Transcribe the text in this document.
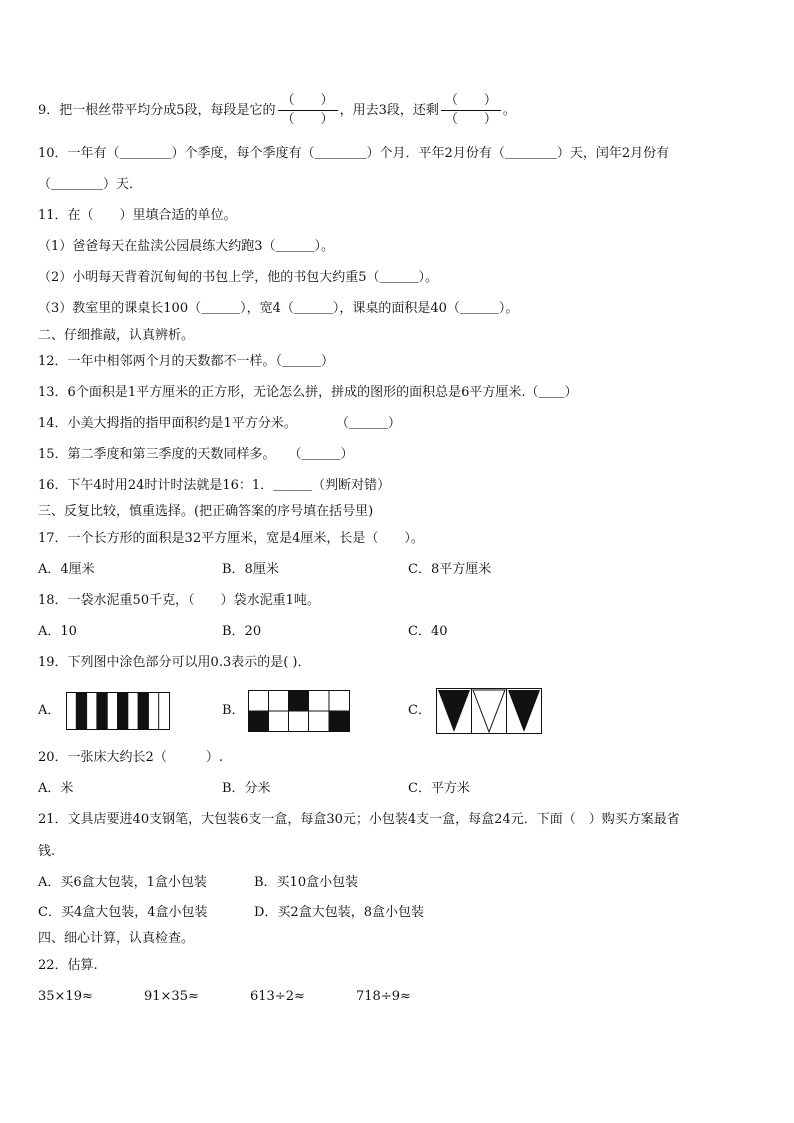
9．把一根丝带平均分成5段，每段是它的 $\frac{( )}{( )}$ ，用去3段，还剩 $\frac{( )}{( )}$ 。
10．一年有（＿＿＿＿）个季度，每个季度有（＿＿＿＿）个月．平年2月份有（＿＿＿＿）天，闰年2月份有
（＿＿＿＿）天．
11．在（　　）里填合适的单位。
（1）爸爸每天在盐渎公园晨练大约跑3（＿＿＿）。
（2）小明每天背着沉甸甸的书包上学，他的书包大约重5（＿＿＿）。
（3）教室里的课桌长100（＿＿＿），宽4（＿＿＿），课桌的面积是40（＿＿＿）。
二、仔细推敲，认真辨析。
12．一年中相邻两个月的天数都不一样。（＿＿＿）
13．6个面积是1平方厘米的正方形，无论怎么拼，拼成的图形的面积总是6平方厘米.（＿＿）
14．小美大拇指的指甲面积约是1平方分米。　　　　（＿＿＿）
15．第二季度和第三季度的天数同样多。　　（＿＿＿）
16．下午4时用24时计时法就是16：1．＿＿＿（判断对错）
三、反复比较，慎重选择。(把正确答案的序号填在括号里)
17．一个长方形的面积是32平方厘米，宽是4厘米，长是（　　）。
A．4厘米	B．8厘米	C．8平方厘米
18．一袋水泥重50千克，（　　）袋水泥重1吨。
A．10	B．20	C．40
19．下列图中涂色部分可以用0.3表示的是( )．
A．	B．	C．
20．一张床大约长2（　　　）.
A．米	B．分米	C．平方米
21．文具店要进40支钢笔，大包装6支一盒，每盒30元；小包装4支一盒，每盒24元．下面（　）购买方案最省
钱.
A．买6盒大包装，1盒小包装	B．买10盒小包装
C．买4盒大包装，4盒小包装	D．买2盒大包装，8盒小包装
四、细心计算，认真检查。
22．估算.
35×19≈	91×35≈	613÷2≈	718÷9≈
